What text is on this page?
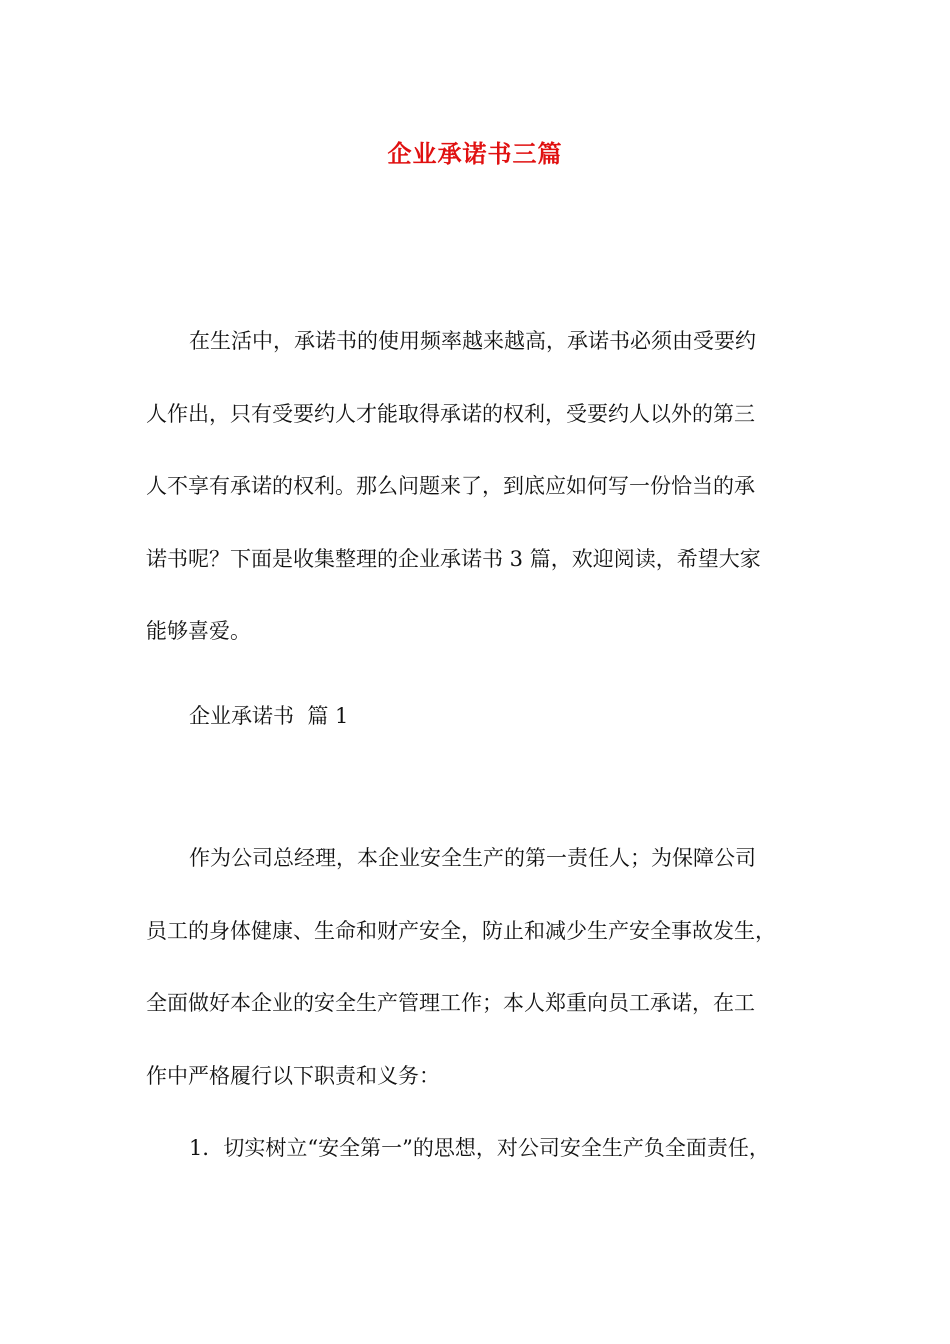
企业承诺书三篇

在生活中，承诺书的使用频率越来越高，承诺书必须由受要约
人作出，只有受要约人才能取得承诺的权利，受要约人以外的第三
人不享有承诺的权利。那么问题来了，到底应如何写一份恰当的承
诺书呢？下面是收集整理的企业承诺书 3 篇，欢迎阅读，希望大家
能够喜爱。

企业承诺书  篇 1

作为公司总经理，本企业安全生产的第一责任人；为保障公司
员工的身体健康、生命和财产安全，防止和减少生产安全事故发生，
全面做好本企业的安全生产管理工作；本人郑重向员工承诺，在工
作中严格履行以下职责和义务：

1．切实树立“安全第一”的思想，对公司安全生产负全面责任，
